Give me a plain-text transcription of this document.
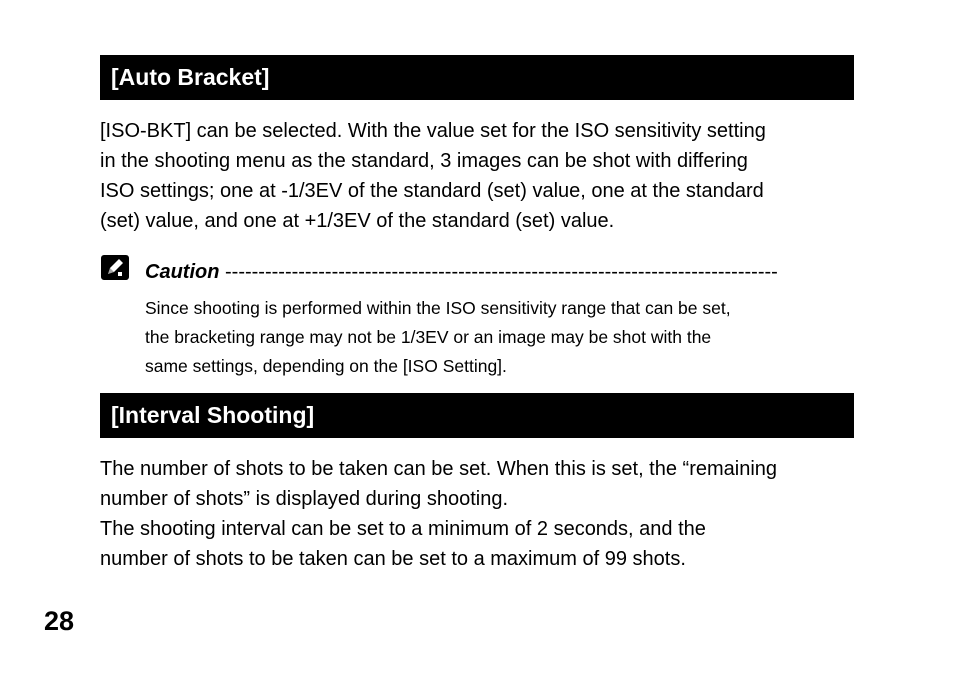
[Auto Bracket]
[ISO-BKT] can be selected. With the value set for the ISO sensitivity setting
in the shooting menu as the standard, 3 images can be shot with differing
ISO settings; one at -1/3EV of the standard (set) value, one at the standard
(set) value, and one at +1/3EV of the standard (set) value.
Caution -----------------------------------------------------------------------------------
Since shooting is performed within the ISO sensitivity range that can be set,
the bracketing range may not be 1/3EV or an image may be shot with the
same settings, depending on the [ISO Setting].
[Interval Shooting]
The number of shots to be taken can be set. When this is set, the “remaining
number of shots” is displayed during shooting.
The shooting interval can be set to a minimum of 2 seconds, and the
number of shots to be taken can be set to a maximum of 99 shots.
28
